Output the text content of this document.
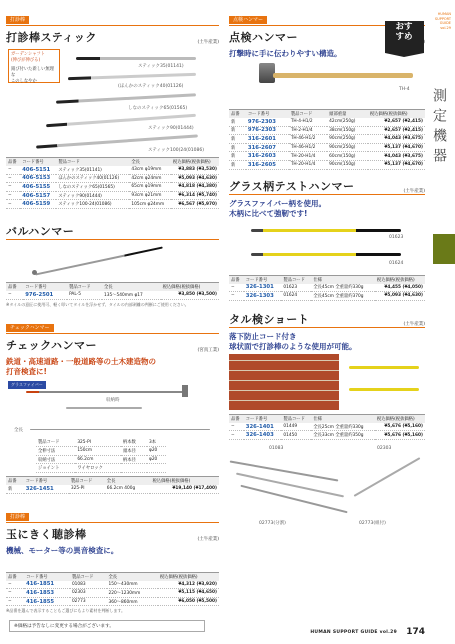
打診棒
打診棒スティック	(土牛産業)
ガーデンシャフト
(伸びが伸びる)
錆び付いた新しい無理な
このしなやか
スティック35(01141)
(ほんかのスティック40(01126)
しなのスティック65(01565)
スティック90(01444)
スティック100(24(01086)
品番	コード番号	製品コード	全長	税込価格(税抜価格)
−	406-5151	スティック35(01141)	43cm φ19mm	¥3,883 (¥3,530)
−	406-5153	ほんかのスティック40(01126)	42cm φ24mm	¥5,093 (¥4,630)
−	406-5155	しなのスティック65(01565)	65cm φ19mm	¥4,818 (¥4,380)
−	406-5157	スティック90(01444)	93cm φ21mm	¥6,314 (¥5,740)
−	406-5159	スティック100-24(01086)	105cm φ24mm	¥6,567 (¥5,970)
バルハンマー
品番	コード番号	製品コード	全長	税込価格(税抜価格)
−	976-2501	PAL-5	135〜540mm φ17	¥3,850 (¥3,500)
※タイルの意匠に使用可、軽く叩いてタイルを浮かせず、タイルの内部剥離の判断にご使用ください。
チェックハンマー
チェックハンマー	(宮真工業)
鉄道・高速道路・一般道路等の土木建造物の
打音検査に!
グラスファイバー
収納時
全長
製品コード	325-PI	柄本数	3本
全伸寸法	150cm	頭本径	φ20
収納寸法	66.2cm	柄本径	φ20
ジョイント	ワイヤロック		
品番	コード番号	製品コード	全長	税込価格(税抜価格)
新	326-1451	325-PI	66.2cm 400g	¥19,140 (¥17,400)
打診棒
玉にきく聴診棒	(土牛産業)
機械、モーター等の異音検査に。
品番	コード番号	製品コード	全長	税込価格(税抜価格)
−	416-1851	01083	150〜430mm	¥4,312 (¥3,920)
−	416-1853	02303	220〜1230mm	¥5,115 (¥4,650)
−	416-1855	02773	360〜860mm	¥6,050 (¥5,500)
※品番を選んで表示することもご選びにもより素材を判断します。
点検ハンマー
点検ハンマー
打撃時に手に伝わりやすい構造。
TH-4
品番	コード番号	製品コード	頭部重量	税込価格(税抜価格)
新	976-2303	TH-4-H1/2	42cm(250g)	¥2,657 (¥2,415)
新	976-2303	TH-2-H1/4	38cm(150g)	¥2,657 (¥2,415)
新	316-2601	TH-46-H1/2	90cm(250g)	¥4,043 (¥3,675)
新	316-2607	TH-46-H1/2	90cm(250g)	¥5,137 (¥4,670)
新	316-2603	TH-20-H1/4	60cm(150g)	¥4,043 (¥3,675)
新	316-2605	TH-20-H1/4	90cm(150g)	¥5,137 (¥4,670)
グラス柄テストハンマー	(土牛産業)
グラスファイバー柄を使用。
木柄に比べて強靭です!
01623
01624
品番	コード番号	製品コード	仕様	税込価格(税抜価格)
−	326-1301	01623	全長45cm 全重量約330g	¥4,455 (¥4,050)
−	326-1303	01624	全長45cm 全重量約370g	¥5,093 (¥4,630)
タル検ショート	(土牛産業)
落下防止コード付き
球状面で打診棒のような使用が可能。
品番	コード番号	製品コード	仕様	税込価格(税抜価格)
−	326-1401	01449	全長25cm 全重量約330g	¥5,676 (¥5,160)
−	326-1403	01450	全長33cm 全重量約350g	¥5,676 (¥5,160)
01083	02303
02773(分割)	02773(組付)
HUMAN
SUPPORT
GUIDE
vol.29
測定機器
おす
すめ
※価格は予告なしに変更する場合がございます。
HUMAN SUPPORT GUIDE vol.29 174
